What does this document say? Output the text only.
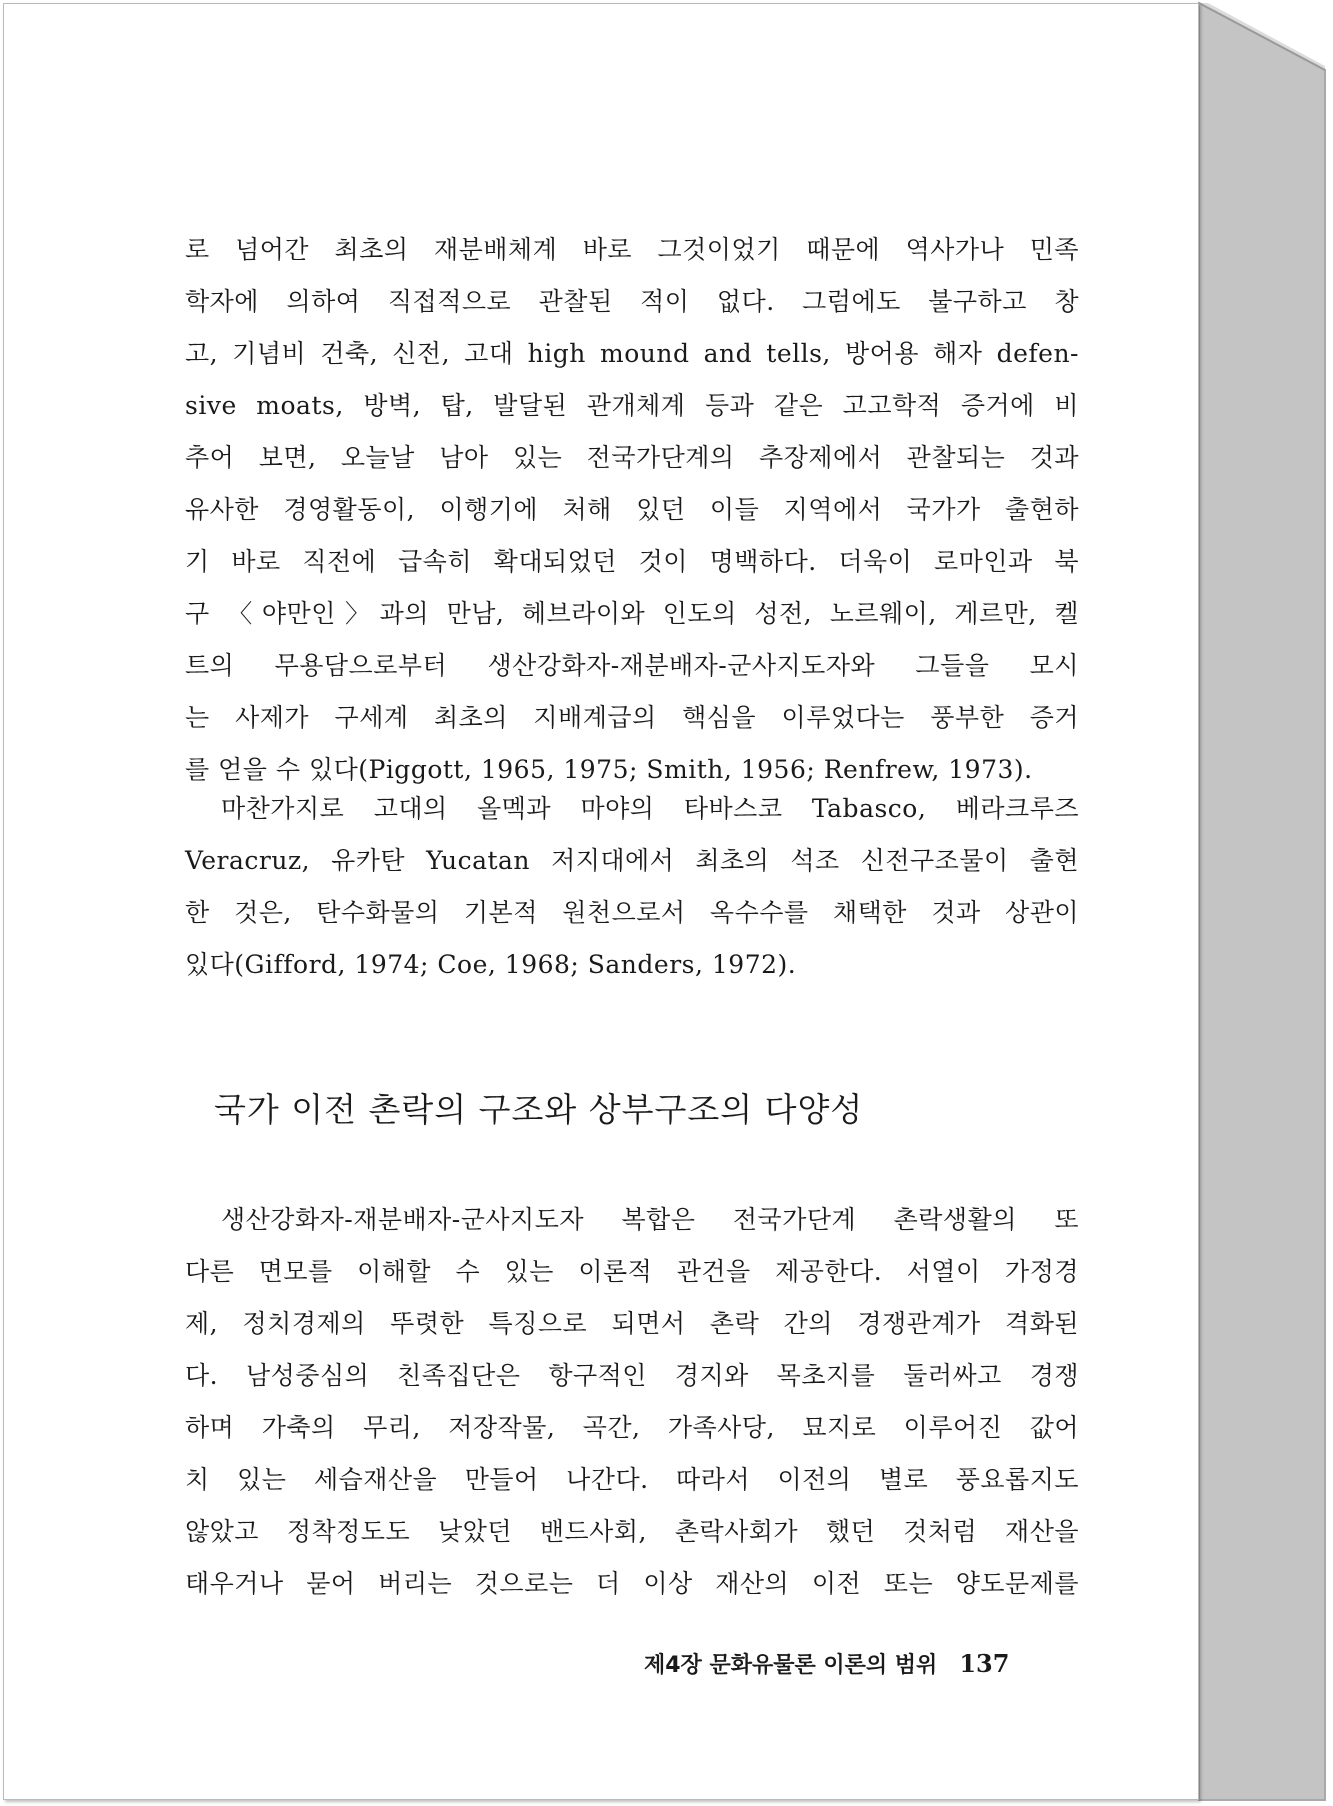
로 넘어간 최초의 재분배체계 바로 그것이었기 때문에 역사가나 민족
학자에 의하여 직접적으로 관찰된 적이 없다. 그럼에도 불구하고 창
고, 기념비 건축, 신전, 고대 high mound and tells, 방어용 해자 defen-
sive moats, 방벽, 탑, 발달된 관개체계 등과 같은 고고학적 증거에 비
추어 보면, 오늘날 남아 있는 전국가단계의 추장제에서 관찰되는 것과
유사한 경영활동이, 이행기에 처해 있던 이들 지역에서 국가가 출현하
기 바로 직전에 급속히 확대되었던 것이 명백하다. 더욱이 로마인과 북
구 〈야만인〉과의 만남, 헤브라이와 인도의 성전, 노르웨이, 게르만, 켈
트의 무용담으로부터 생산강화자-재분배자-군사지도자와 그들을 모시
는 사제가 구세계 최초의 지배계급의 핵심을 이루었다는 풍부한 증거
를 얻을 수 있다(Piggott, 1965, 1975; Smith, 1956; Renfrew, 1973).
마찬가지로 고대의 올멕과 마야의 타바스코 Tabasco, 베라크루즈
Veracruz, 유카탄 Yucatan 저지대에서 최초의 석조 신전구조물이 출현
한 것은, 탄수화물의 기본적 원천으로서 옥수수를 채택한 것과 상관이
있다(Gifford, 1974; Coe, 1968; Sanders, 1972).
국가 이전 촌락의 구조와 상부구조의 다양성
생산강화자-재분배자-군사지도자 복합은 전국가단계 촌락생활의 또
다른 면모를 이해할 수 있는 이론적 관건을 제공한다. 서열이 가정경
제, 정치경제의 뚜렷한 특징으로 되면서 촌락 간의 경쟁관계가 격화된
다. 남성중심의 친족집단은 항구적인 경지와 목초지를 둘러싸고 경쟁
하며 가축의 무리, 저장작물, 곡간, 가족사당, 묘지로 이루어진 값어
치 있는 세습재산을 만들어 나간다. 따라서 이전의 별로 풍요롭지도
않았고 정착정도도 낮았던 밴드사회, 촌락사회가 했던 것처럼 재산을
태우거나 묻어 버리는 것으로는 더 이상 재산의 이전 또는 양도문제를
제4장 문화유물론 이론의 범위 137
